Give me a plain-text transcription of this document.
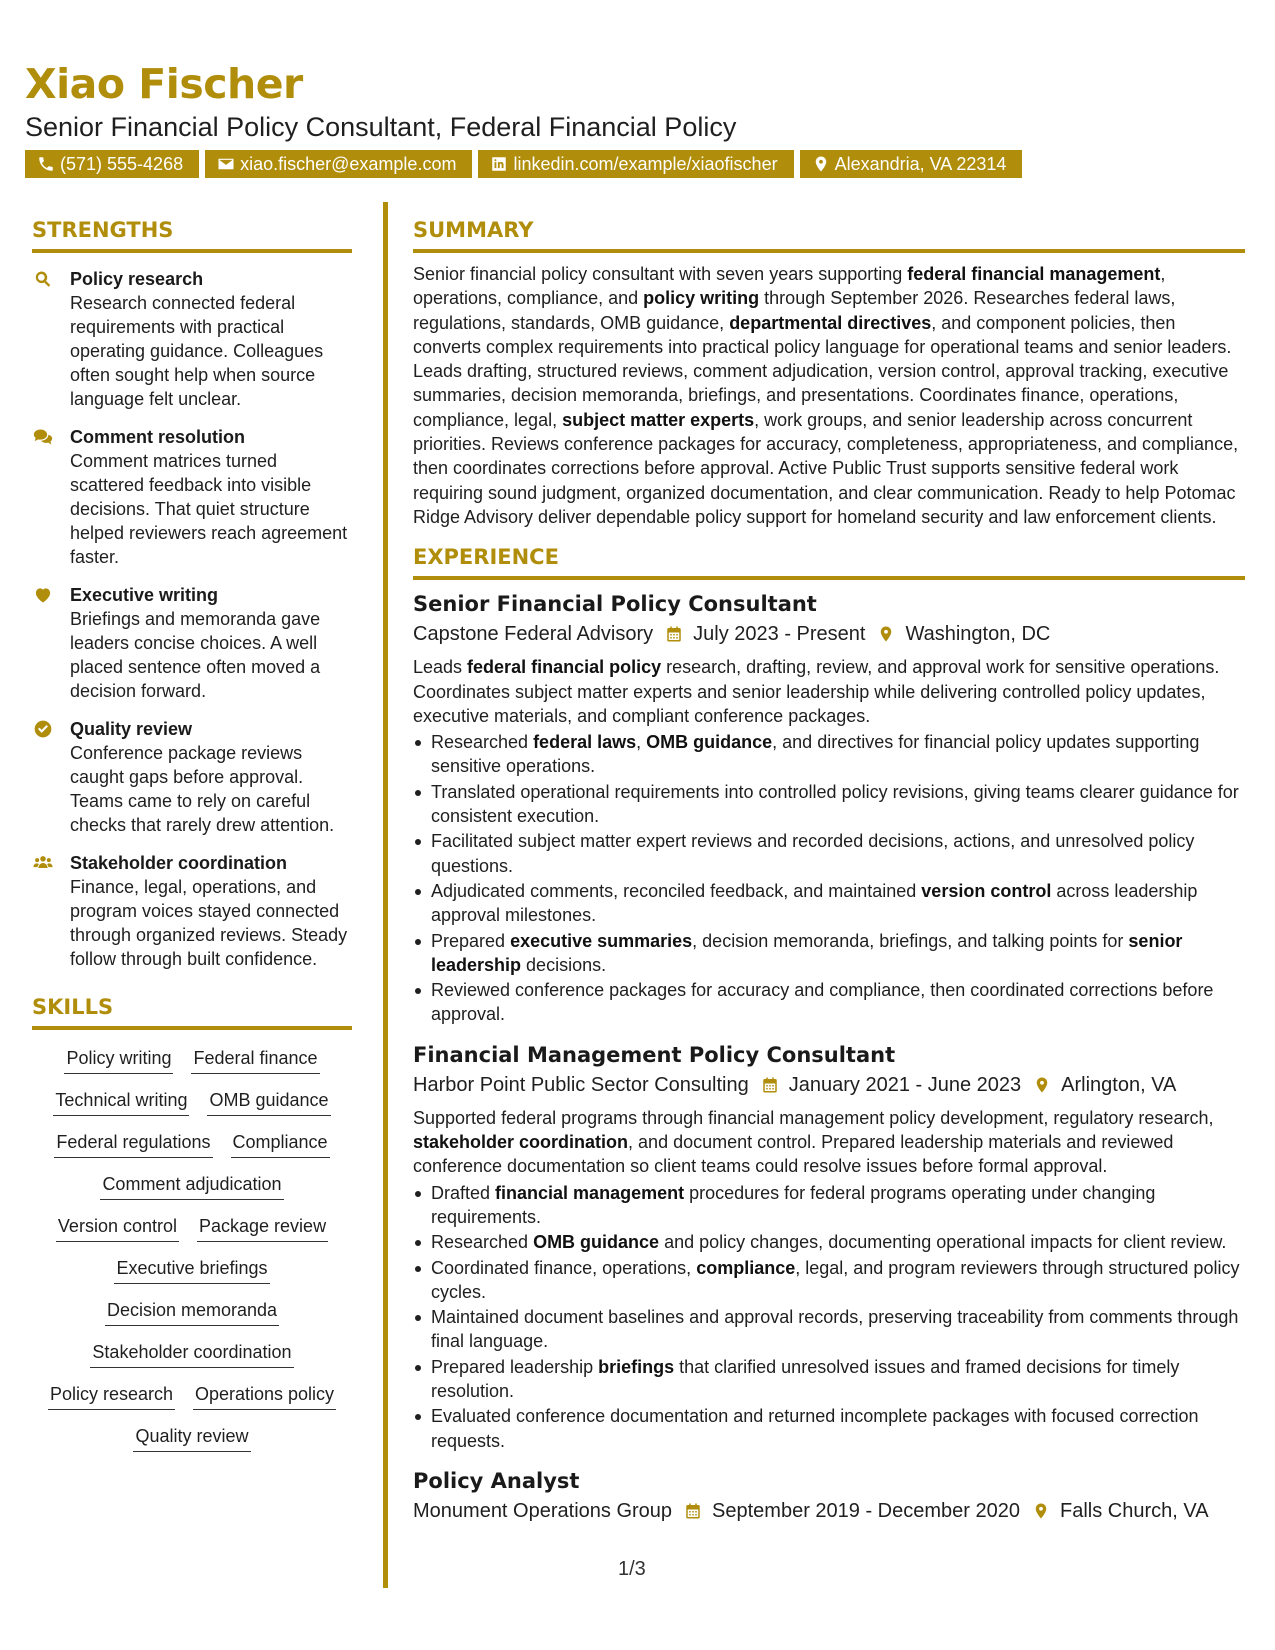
Xiao Fischer
Senior Financial Policy Consultant, Federal Financial Policy
(571) 555-4268	xiao.fischer@example.com	linkedin.com/example/xiaofischer	Alexandria, VA 22314
STRENGTHS
Policy research
Research connected federal requirements with practical operating guidance. Colleagues often sought help when source language felt unclear.
Comment resolution
Comment matrices turned scattered feedback into visible decisions. That quiet structure helped reviewers reach agreement faster.
Executive writing
Briefings and memoranda gave leaders concise choices. A well placed sentence often moved a decision forward.
Quality review
Conference package reviews caught gaps before approval. Teams came to rely on careful checks that rarely drew attention.
Stakeholder coordination
Finance, legal, operations, and program voices stayed connected through organized reviews. Steady follow through built confidence.
SKILLS
Policy writing Federal finance
Technical writing OMB guidance
Federal regulations Compliance
Comment adjudication
Version control Package review
Executive briefings
Decision memoranda
Stakeholder coordination
Policy research Operations policy
Quality review
SUMMARY

Senior financial policy consultant with seven years supporting federal financial management, operations, compliance, and policy writing through September 2026. Researches federal laws, regulations, standards, OMB guidance, departmental directives, and component policies, then converts complex requirements into practical policy language for operational teams and senior leaders. Leads drafting, structured reviews, comment adjudication, version control, approval tracking, executive summaries, decision memoranda, briefings, and presentations. Coordinates finance, operations, compliance, legal, subject matter experts, work groups, and senior leadership across concurrent priorities. Reviews conference packages for accuracy, completeness, appropriateness, and compliance, then coordinates corrections before approval. Active Public Trust supports sensitive federal work requiring sound judgment, organized documentation, and clear communication. Ready to help Potomac Ridge Advisory deliver dependable policy support for homeland security and law enforcement clients.

EXPERIENCE
Senior Financial Policy Consultant
Capstone Federal Advisory July 2023 - Present Washington, DC

Leads federal financial policy research, drafting, review, and approval work for sensitive operations. Coordinates subject matter experts and senior leadership while delivering controlled policy updates, executive materials, and compliant conference packages.

Researched federal laws, OMB guidance, and directives for financial policy updates supporting sensitive operations.
Translated operational requirements into controlled policy revisions, giving teams clearer guidance for consistent execution.
Facilitated subject matter expert reviews and recorded decisions, actions, and unresolved policy questions.
Adjudicated comments, reconciled feedback, and maintained version control across leadership approval milestones.
Prepared executive summaries, decision memoranda, briefings, and talking points for senior leadership decisions.
Reviewed conference packages for accuracy and compliance, then coordinated corrections before approval.
Financial Management Policy Consultant
Harbor Point Public Sector Consulting January 2021 - June 2023 Arlington, VA

Supported federal programs through financial management policy development, regulatory research, stakeholder coordination, and document control. Prepared leadership materials and reviewed conference documentation so client teams could resolve issues before formal approval.

Drafted financial management procedures for federal programs operating under changing requirements.
Researched OMB guidance and policy changes, documenting operational impacts for client review.
Coordinated finance, operations, compliance, legal, and program reviewers through structured policy cycles.
Maintained document baselines and approval records, preserving traceability from comments through final language.
Prepared leadership briefings that clarified unresolved issues and framed decisions for timely resolution.
Evaluated conference documentation and returned incomplete packages with focused correction requests.
Policy Analyst
Monument Operations Group September 2019 - December 2020 Falls Church, VA
1/3
